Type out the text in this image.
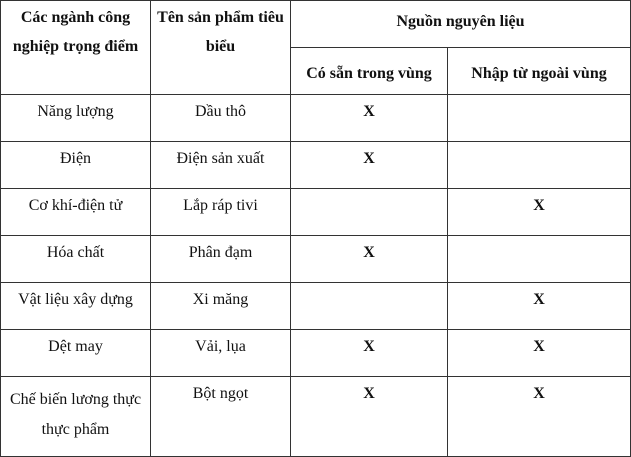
Các ngành công nghiệp trọng điểm	Tên sản phẩm tiêu biểu	Nguồn nguyên liệu	
		Có sẵn trong vùng	Nhập từ ngoài vùng
Năng lượng	Dầu thô	X	
Điện	Điện sản xuất	X	
Cơ khí-điện tử	Lắp ráp tivi		X
Hóa chất	Phân đạm	X	
Vật liệu xây dựng	Xi măng		X
Dệt may	Vải, lụa	X	X
Chế biến lương thực thực phẩm	Bột ngọt	X	X
